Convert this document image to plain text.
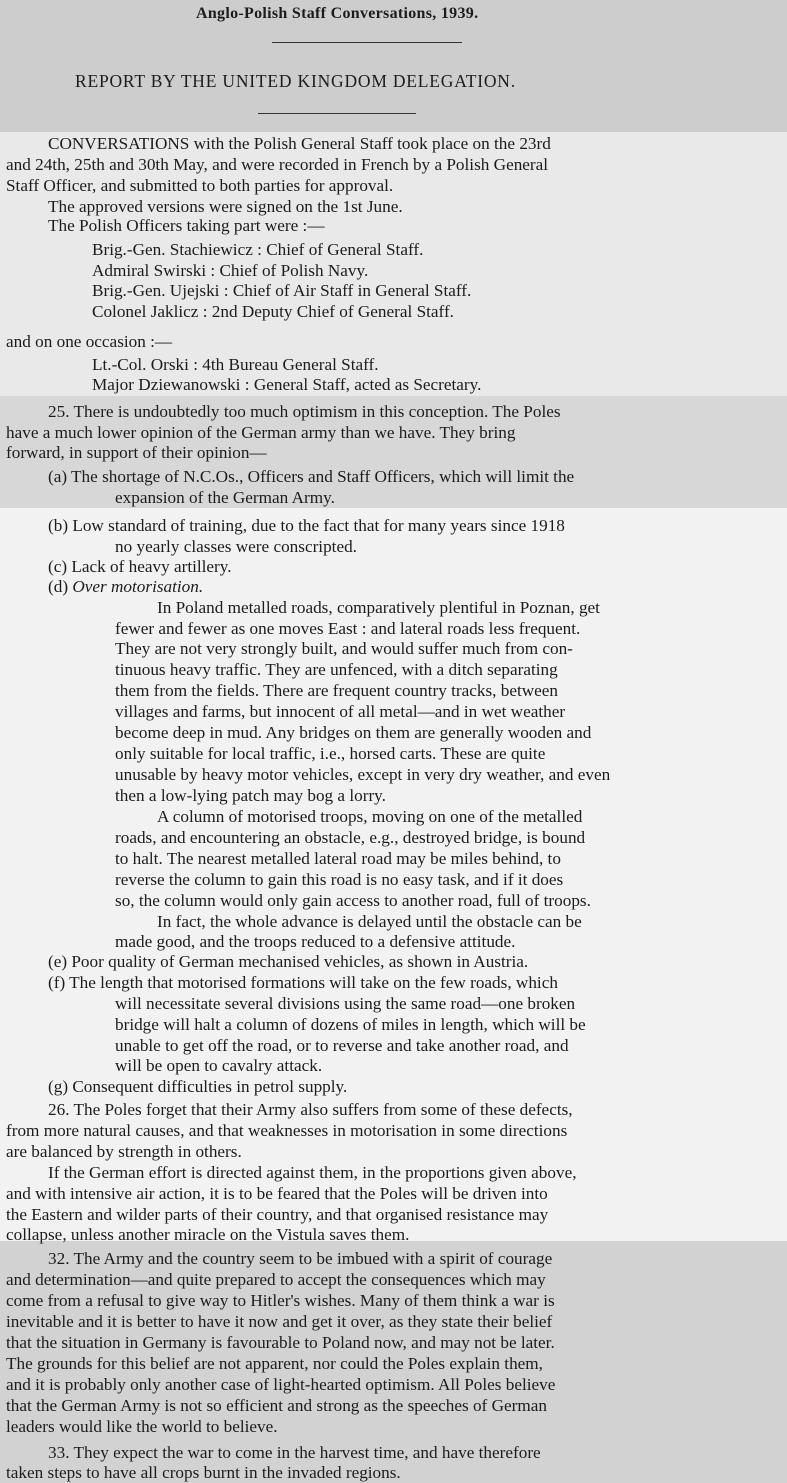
Anglo-Polish Staff Conversations, 1939.
REPORT BY THE UNITED KINGDOM DELEGATION.
CONVERSATIONS with the Polish General Staff took place on the 23rd
and 24th, 25th and 30th May, and were recorded in French by a Polish General
Staff Officer, and submitted to both parties for approval.
The approved versions were signed on the 1st June.
The Polish Officers taking part were :—
Brig.-Gen. Stachiewicz : Chief of General Staff.
Admiral Swirski : Chief of Polish Navy.
Brig.-Gen. Ujejski : Chief of Air Staff in General Staff.
Colonel Jaklicz : 2nd Deputy Chief of General Staff.
and on one occasion :—
Lt.-Col. Orski : 4th Bureau General Staff.
Major Dziewanowski : General Staff, acted as Secretary.
25. There is undoubtedly too much optimism in this conception. The Poles
have a much lower opinion of the German army than we have. They bring
forward, in support of their opinion—
(a) The shortage of N.C.Os., Officers and Staff Officers, which will limit the
expansion of the German Army.
(b) Low standard of training, due to the fact that for many years since 1918
no yearly classes were conscripted.
(c) Lack of heavy artillery.
(d) Over motorisation.
In Poland metalled roads, comparatively plentiful in Poznan, get
fewer and fewer as one moves East : and lateral roads less frequent.
They are not very strongly built, and would suffer much from con-
tinuous heavy traffic. They are unfenced, with a ditch separating
them from the fields. There are frequent country tracks, between
villages and farms, but innocent of all metal—and in wet weather
become deep in mud. Any bridges on them are generally wooden and
only suitable for local traffic, i.e., horsed carts. These are quite
unusable by heavy motor vehicles, except in very dry weather, and even
then a low-lying patch may bog a lorry.
A column of motorised troops, moving on one of the metalled
roads, and encountering an obstacle, e.g., destroyed bridge, is bound
to halt. The nearest metalled lateral road may be miles behind, to
reverse the column to gain this road is no easy task, and if it does
so, the column would only gain access to another road, full of troops.
In fact, the whole advance is delayed until the obstacle can be
made good, and the troops reduced to a defensive attitude.
(e) Poor quality of German mechanised vehicles, as shown in Austria.
(f) The length that motorised formations will take on the few roads, which
will necessitate several divisions using the same road—one broken
bridge will halt a column of dozens of miles in length, which will be
unable to get off the road, or to reverse and take another road, and
will be open to cavalry attack.
(g) Consequent difficulties in petrol supply.
26. The Poles forget that their Army also suffers from some of these defects,
from more natural causes, and that weaknesses in motorisation in some directions
are balanced by strength in others.
If the German effort is directed against them, in the proportions given above,
and with intensive air action, it is to be feared that the Poles will be driven into
the Eastern and wilder parts of their country, and that organised resistance may
collapse, unless another miracle on the Vistula saves them.
32. The Army and the country seem to be imbued with a spirit of courage
and determination—and quite prepared to accept the consequences which may
come from a refusal to give way to Hitler's wishes. Many of them think a war is
inevitable and it is better to have it now and get it over, as they state their belief
that the situation in Germany is favourable to Poland now, and may not be later.
The grounds for this belief are not apparent, nor could the Poles explain them,
and it is probably only another case of light-hearted optimism. All Poles believe
that the German Army is not so efficient and strong as the speeches of German
leaders would like the world to believe.
33. They expect the war to come in the harvest time, and have therefore
taken steps to have all crops burnt in the invaded regions.
